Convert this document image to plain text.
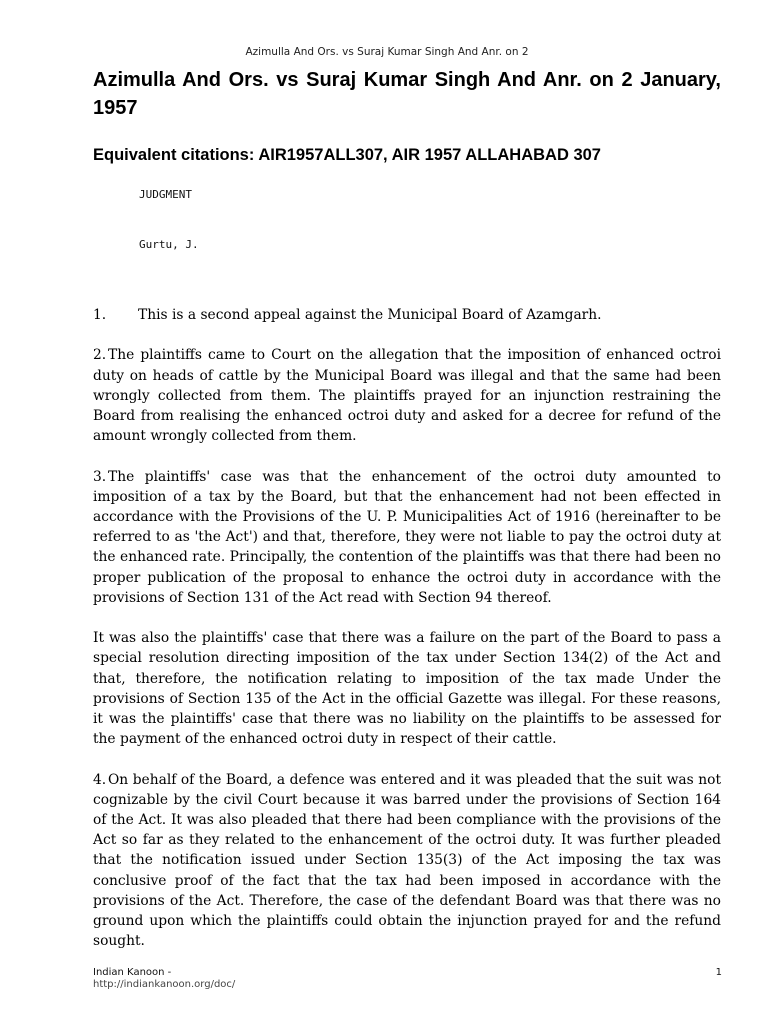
Azimulla And Ors. vs Suraj Kumar Singh And Anr. on 2
Azimulla And Ors. vs Suraj Kumar Singh And Anr. on 2 January, 1957
Equivalent citations: AIR1957ALL307, AIR 1957 ALLAHABAD 307
JUDGMENT
Gurtu, J.

1. This is a second appeal against the Municipal Board of Azamgarh.

2. The plaintiffs came to Court on the allegation that the imposition of enhanced octroi duty on heads of cattle by the Municipal Board was illegal and that the same had been wrongly collected from them. The plaintiffs prayed for an injunction restraining the Board from realising the enhanced octroi duty and asked for a decree for refund of the amount wrongly collected from them.

3. The plaintiffs' case was that the enhancement of the octroi duty amounted to imposition of a tax by the Board, but that the enhancement had not been effected in accordance with the Provisions of the U. P. Municipalities Act of 1916 (hereinafter to be referred to as 'the Act') and that, therefore, they were not liable to pay the octroi duty at the enhanced rate. Principally, the contention of the plaintiffs was that there had been no proper publication of the proposal to enhance the octroi duty in accordance with the provisions of Section 131 of the Act read with Section 94 thereof.

It was also the plaintiffs' case that there was a failure on the part of the Board to pass a special resolution directing imposition of the tax under Section 134(2) of the Act and that, therefore, the notification relating to imposition of the tax made Under the provisions of Section 135 of the Act in the official Gazette was illegal. For these reasons, it was the plaintiffs' case that there was no liability on the plaintiffs to be assessed for the payment of the enhanced octroi duty in respect of their cattle.

4. On behalf of the Board, a defence was entered and it was pleaded that the suit was not cognizable by the civil Court because it was barred under the provisions of Section 164 of the Act. It was also pleaded that there had been compliance with the provisions of the Act so far as they related to the enhancement of the octroi duty. It was further pleaded that the notification issued under Section 135(3) of the Act imposing the tax was conclusive proof of the fact that the tax had been imposed in accordance with the provisions of the Act. Therefore, the case of the defendant Board was that there was no ground upon which the plaintiffs could obtain the injunction prayed for and the refund sought.

Indian Kanoon -
http://indiankanoon.org/doc/
1
